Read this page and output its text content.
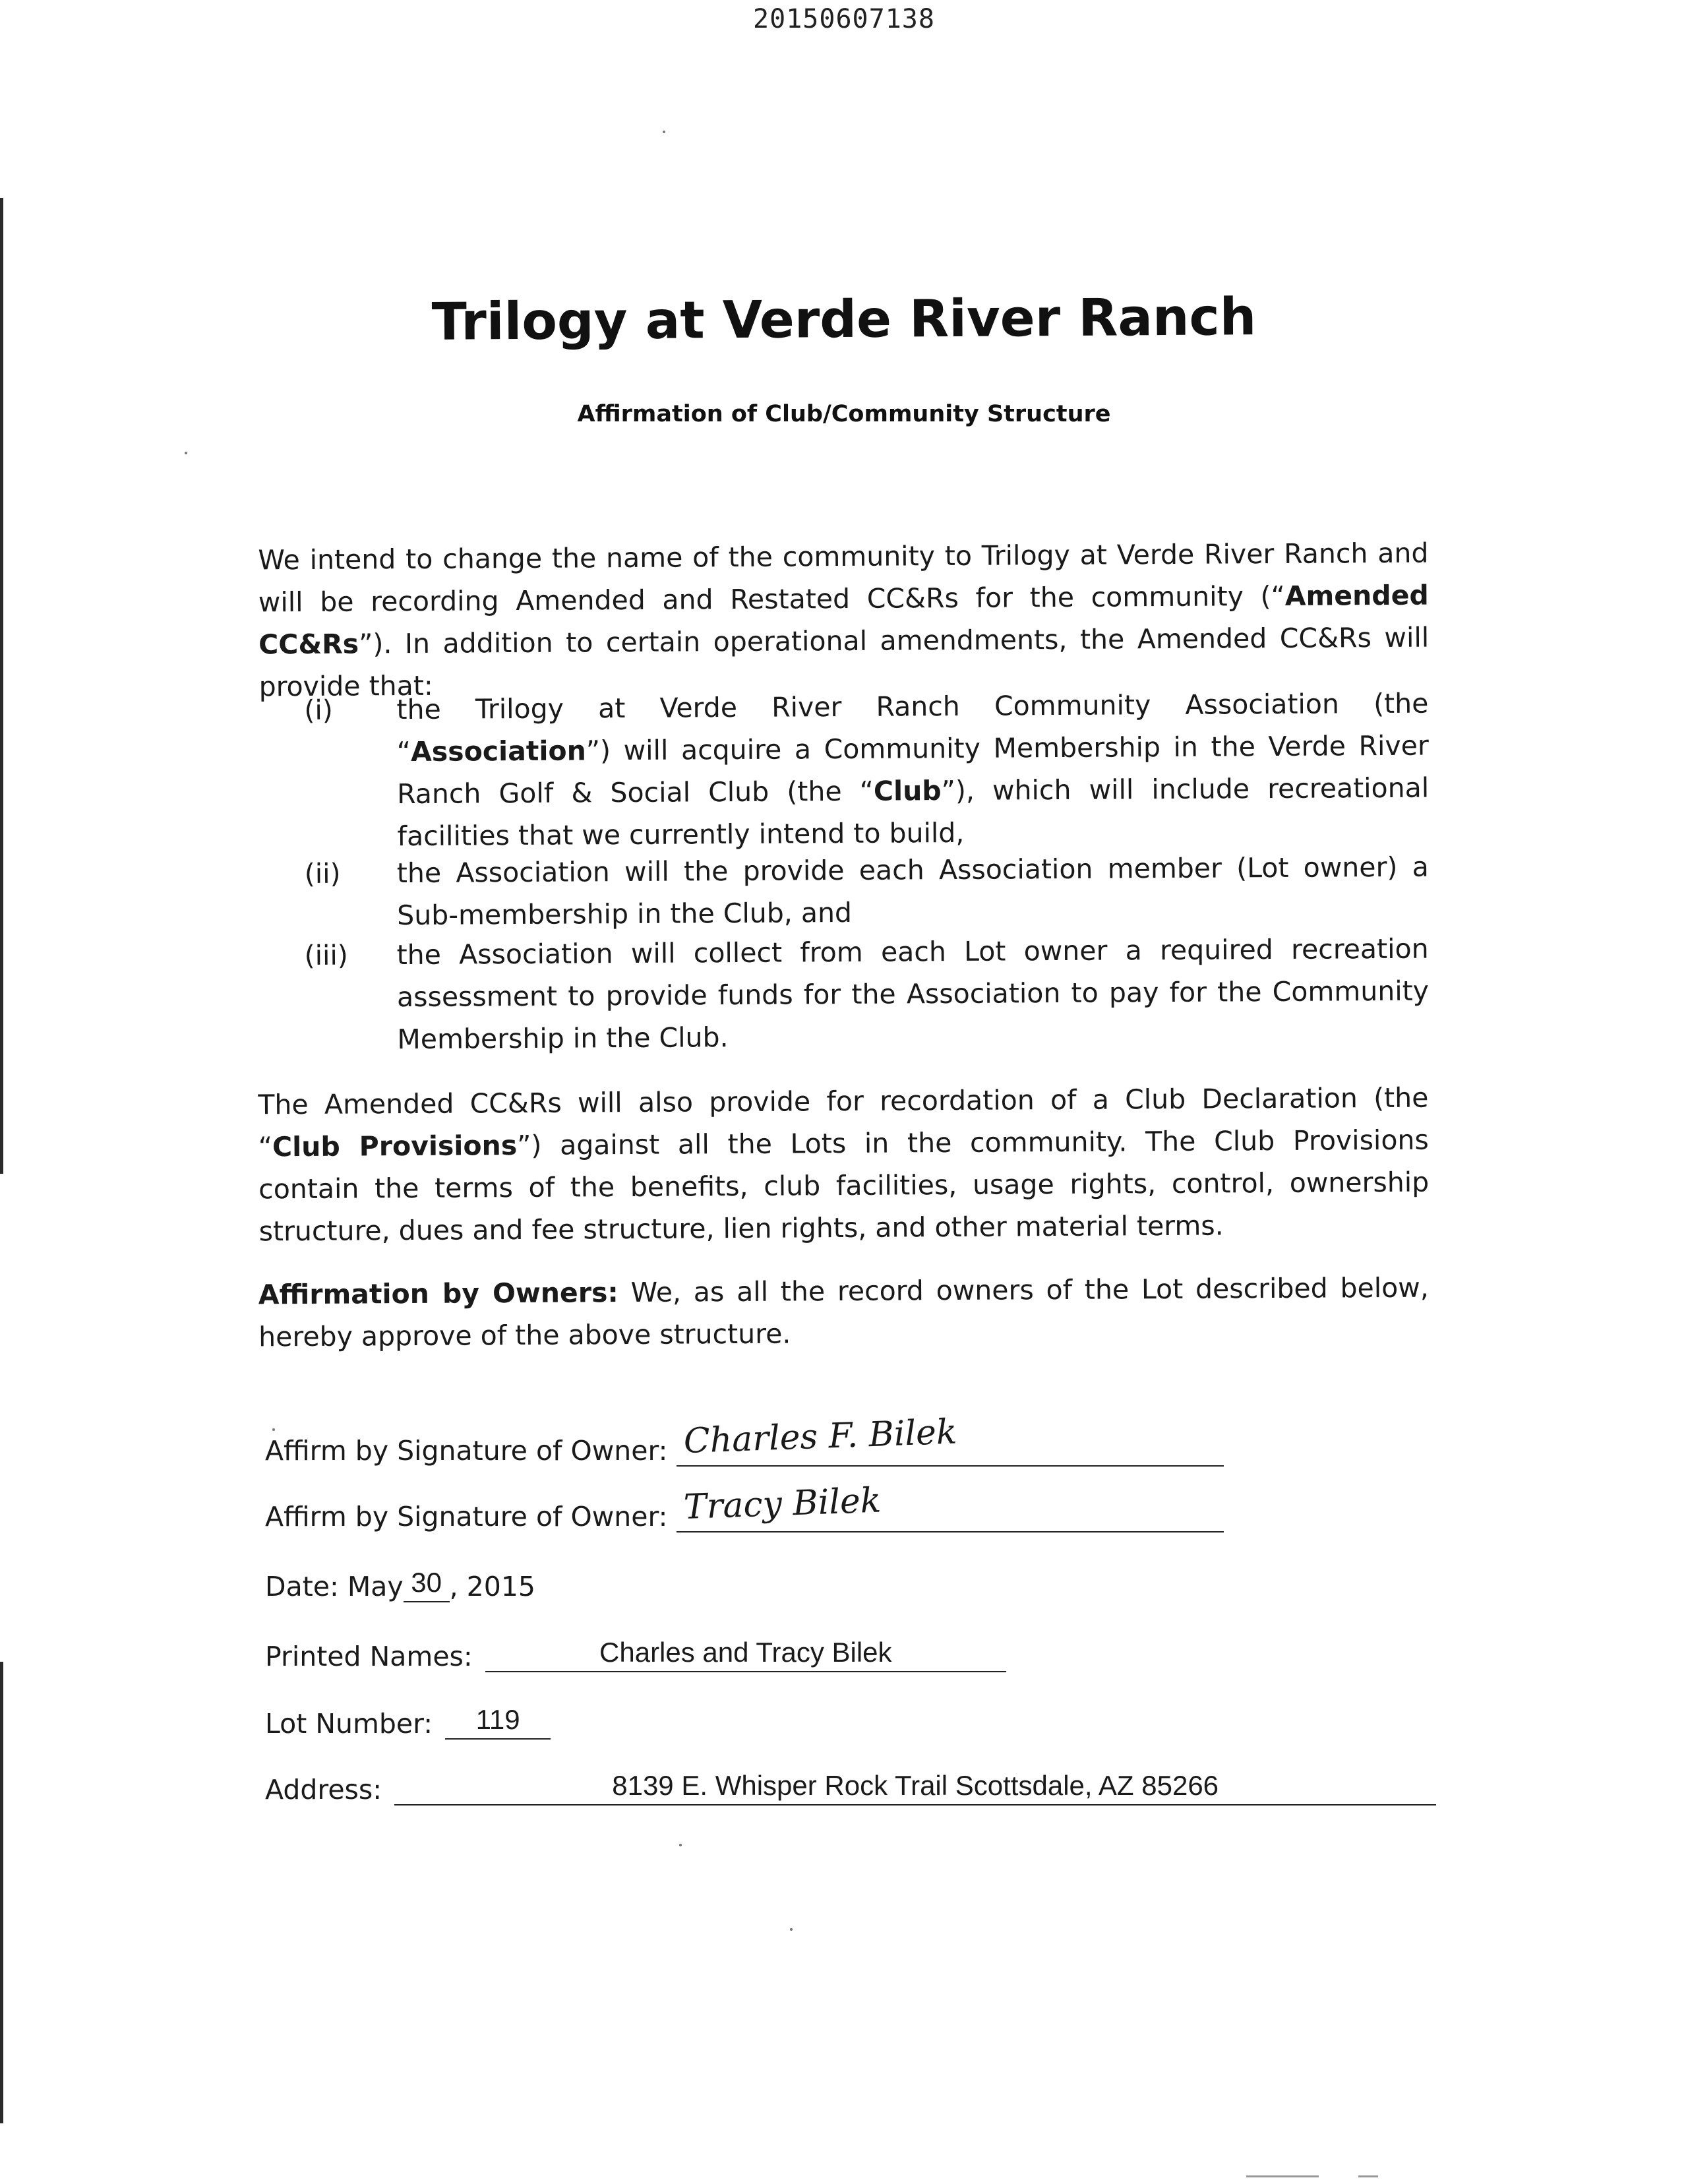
20150607138
Trilogy at Verde River Ranch
Affirmation of Club/Community Structure
We intend to change the name of the community to Trilogy at Verde River Ranch and will be recording Amended and Restated CC&Rs for the community (“Amended CC&Rs”). In addition to certain operational amendments, the Amended CC&Rs will provide that:
(i) the Trilogy at Verde River Ranch Community Association (the “Association”) will acquire a Community Membership in the Verde River Ranch Golf & Social Club (the “Club”), which will include recreational facilities that we currently intend to build,
(ii) the Association will the provide each Association member (Lot owner) a Sub-membership in the Club, and
(iii) the Association will collect from each Lot owner a required recreation assessment to provide funds for the Association to pay for the Community Membership in the Club.
The Amended CC&Rs will also provide for recordation of a Club Declaration (the “Club Provisions”) against all the Lots in the community. The Club Provisions contain the terms of the benefits, club facilities, usage rights, control, ownership structure, dues and fee structure, lien rights, and other material terms.
Affirmation by Owners: We, as all the record owners of the Lot described below, hereby approve of the above structure.
Affirm by Signature of Owner: Charles F. Bilek
Affirm by Signature of Owner: Tracy Bilek
Date: May 30 , 2015
Printed Names:	Charles and Tracy Bilek
Lot Number:	119
Address:	8139 E. Whisper Rock Trail Scottsdale, AZ 85266
